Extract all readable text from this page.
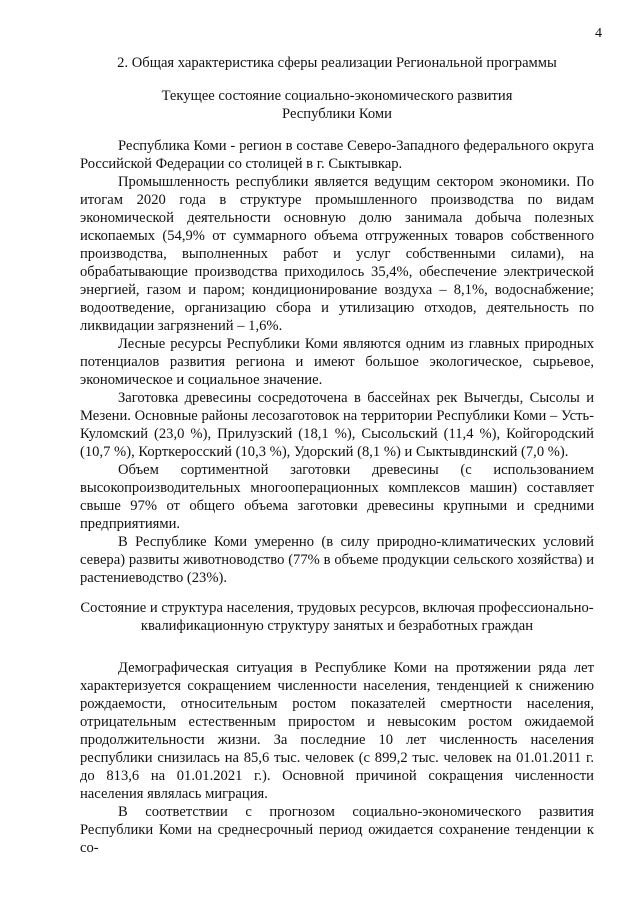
4
2. Общая характеристика сферы реализации Региональной программы
Текущее состояние социально-экономического развития
Республики Коми

Республика Коми - регион в составе Северо-Западного федерального округа Российской Федерации со столицей в г. Сыктывкар.

Промышленность республики является ведущим сектором экономики. По итогам 2020 года в структуре промышленного производства по видам экономической деятельности основную долю занимала добыча полезных ископаемых (54,9% от суммарного объема отгруженных товаров собственного производства, выполненных работ и услуг собственными силами), на обрабатывающие производства приходилось 35,4%, обеспечение электрической энергией, газом и паром; кондиционирование воздуха – 8,1%, водоснабжение; водоотведение, организацию сбора и утилизацию отходов, деятельность по ликвидации загрязнений – 1,6%.

Лесные ресурсы Республики Коми являются одним из главных природных потенциалов развития региона и имеют большое экологическое, сырьевое, экономическое и социальное значение.

Заготовка древесины сосредоточена в бассейнах рек Вычегды, Сысолы и Мезени. Основные районы лесозаготовок на территории Республики Коми – Усть-Куломский (23,0 %), Прилузский (18,1 %), Сысольский (11,4 %), Койгородский (10,7 %), Корткеросский (10,3 %), Удорский (8,1 %) и Сыктывдинский (7,0 %).

Объем сортиментной заготовки древесины (с использованием высокопроизводительных многооперационных комплексов машин) составляет свыше 97% от общего объема заготовки древесины крупными и средними предприятиями.

В Республике Коми умеренно (в силу природно-климатических условий севера) развиты животноводство (77% в объеме продукции сельского хозяйства) и растениеводство (23%).

Состояние и структура населения, трудовых ресурсов, включая профессионально-квалификационную структуру занятых и безработных граждан

Демографическая ситуация в Республике Коми на протяжении ряда лет характеризуется сокращением численности населения, тенденцией к снижению рождаемости, относительным ростом показателей смертности населения, отрицательным естественным приростом и невысоким ростом ожидаемой продолжительности жизни. За последние 10 лет численность населения республики снизилась на 85,6 тыс. человек (с 899,2 тыс. человек на 01.01.2011 г. до 813,6 на 01.01.2021 г.). Основной причиной сокращения численности населения являлась миграция.

В соответствии с прогнозом социально-экономического развития Республики Коми на среднесрочный период ожидается сохранение тенденции к со-
